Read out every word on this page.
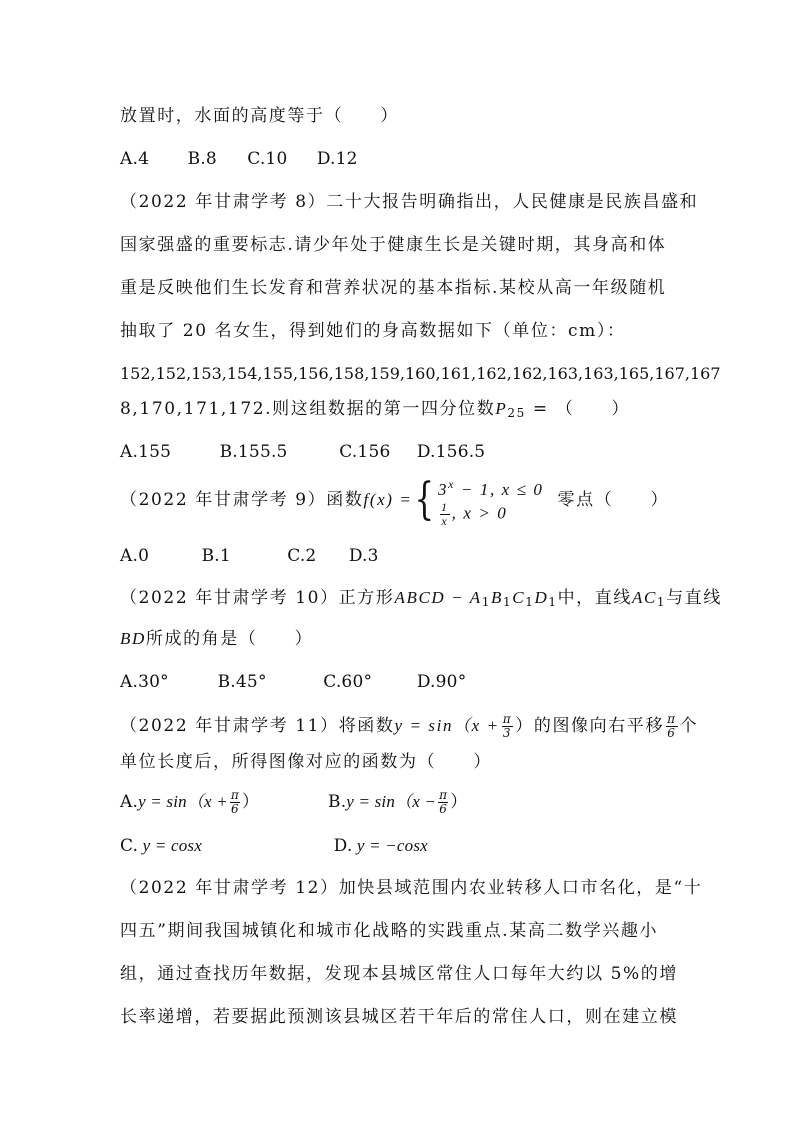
放置时，水面的高度等于（　　）
A.4 B.8 C.10 D.12
（2022 年甘肃学考 8）二十大报告明确指出，人民健康是民族昌盛和
国家强盛的重要标志.请少年处于健康生长是关键时期，其身高和体
重是反映他们生长发育和营养状况的基本指标.某校从高一年级随机
抽取了 20 名女生，得到她们的身高数据如下（单位：cm）：
152,152,153,154,155,156,158,159,160,161,162,162,163,163,165,167,167
8,170,171,172.则这组数据的第一四分位数$P_{25}$ = （　　）
A.155	B.155.5	C.156 D.156.5
（2022 年甘肃学考 9）函数 f(x) = { $3^x - 1$, x ≤ 0
$\frac{1}{x}$ , x > 0
零点（　　）
A.0	B.1	C.2 D.3
（2022 年甘肃学考 10）正方形ABCD − $A_1B_1C_1D_1$中，直线$AC_1$与直线
BD所成的角是（　　）
A.30°	B.45°	C.60°	D.90°
（2022 年甘肃学考 11）将函数 $y = \sin(x + \frac{\pi}{3}$ ）的图像向右平移 $\frac{\pi}{6}$ 个
单位长度后，所得图像对应的函数为（　　）
A. $y = \sin(x + \frac{\pi}{6}$ ）	B. $y = \sin(x - \frac{\pi}{6}$ ）
C. y = cosx	D. y = −cosx
（2022 年甘肃学考 12）加快县域范围内农业转移人口市名化，是“十
四五”期间我国城镇化和城市化战略的实践重点.某高二数学兴趣小
组，通过查找历年数据，发现本县城区常住人口每年大约以 5%的增
长率递增，若要据此预测该县城区若干年后的常住人口，则在建立模
